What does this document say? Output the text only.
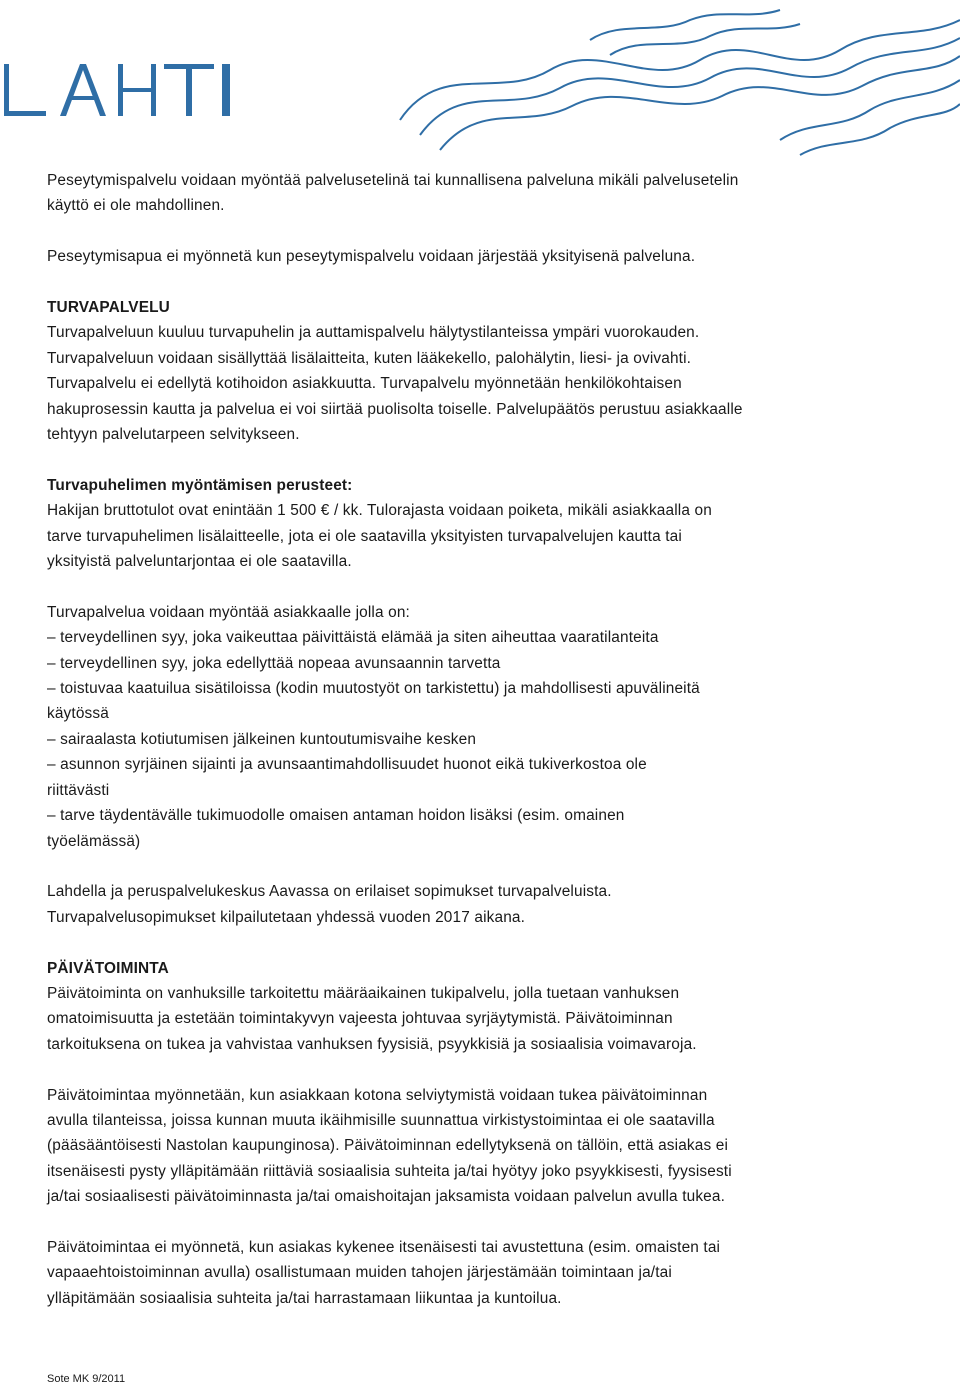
Peseytymispalvelu voidaan myöntää palvelusetelinä tai kunnallisena palveluna mikäli palvelusetelin
käyttö ei ole mahdollinen.

Peseytymisapua ei myönnetä kun peseytymispalvelu voidaan järjestää yksityisenä palveluna.

TURVAPALVELU

Turvapalveluun kuuluu turvapuhelin ja auttamispalvelu hälytystilanteissa ympäri vuorokauden.
Turvapalveluun voidaan sisällyttää lisälaitteita, kuten lääkekello, palohälytin, liesi- ja ovivahti.
Turvapalvelu ei edellytä kotihoidon asiakkuutta. Turvapalvelu myönnetään henkilökohtaisen
hakuprosessin kautta ja palvelua ei voi siirtää puolisolta toiselle. Palvelupäätös perustuu asiakkaalle
tehtyyn palvelutarpeen selvitykseen.

Turvapuhelimen myöntämisen perusteet:

Hakijan bruttotulot ovat enintään 1 500 € / kk. Tulorajasta voidaan poiketa, mikäli asiakkaalla on
tarve turvapuhelimen lisälaitteelle, jota ei ole saatavilla yksityisten turvapalvelujen kautta tai
yksityistä palveluntarjontaa ei ole saatavilla.

Turvapalvelua voidaan myöntää asiakkaalle jolla on:

– terveydellinen syy, joka vaikeuttaa päivittäistä elämää ja siten aiheuttaa vaaratilanteita
– terveydellinen syy, joka edellyttää nopeaa avunsaannin tarvetta
– toistuvaa kaatuilua sisätiloissa (kodin muutostyöt on tarkistettu) ja mahdollisesti apuvälineitä
käytössä
– sairaalasta kotiutumisen jälkeinen kuntoutumisvaihe kesken
– asunnon syrjäinen sijainti ja avunsaantimahdollisuudet huonot eikä tukiverkostoa ole
riittävästi
– tarve täydentävälle tukimuodolle omaisen antaman hoidon lisäksi (esim. omainen
työelämässä)

Lahdella ja peruspalvelukeskus Aavassa on erilaiset sopimukset turvapalveluista.
Turvapalvelusopimukset kilpailutetaan yhdessä vuoden 2017 aikana.

PÄIVÄTOIMINTA

Päivätoiminta on vanhuksille tarkoitettu määräaikainen tukipalvelu, jolla tuetaan vanhuksen
omatoimisuutta ja estetään toimintakyvyn vajeesta johtuvaa syrjäytymistä. Päivätoiminnan
tarkoituksena on tukea ja vahvistaa vanhuksen fyysisiä, psyykkisiä ja sosiaalisia voimavaroja.

Päivätoimintaa myönnetään, kun asiakkaan kotona selviytymistä voidaan tukea päivätoiminnan
avulla tilanteissa, joissa kunnan muuta ikäihmisille suunnattua virkistystoimintaa ei ole saatavilla
(pääsääntöisesti Nastolan kaupunginosa). Päivätoiminnan edellytyksenä on tällöin, että asiakas ei
itsenäisesti pysty ylläpitämään riittäviä sosiaalisia suhteita ja/tai hyötyy joko psyykkisesti, fyysisesti
ja/tai sosiaalisesti päivätoiminnasta ja/tai omaishoitajan jaksamista voidaan palvelun avulla tukea.

Päivätoimintaa ei myönnetä, kun asiakas kykenee itsenäisesti tai avustettuna (esim. omaisten tai
vapaaehtoistoiminnan avulla) osallistumaan muiden tahojen järjestämään toimintaan ja/tai
ylläpitämään sosiaalisia suhteita ja/tai harrastamaan liikuntaa ja kuntoilua.

Sote MK 9/2011
